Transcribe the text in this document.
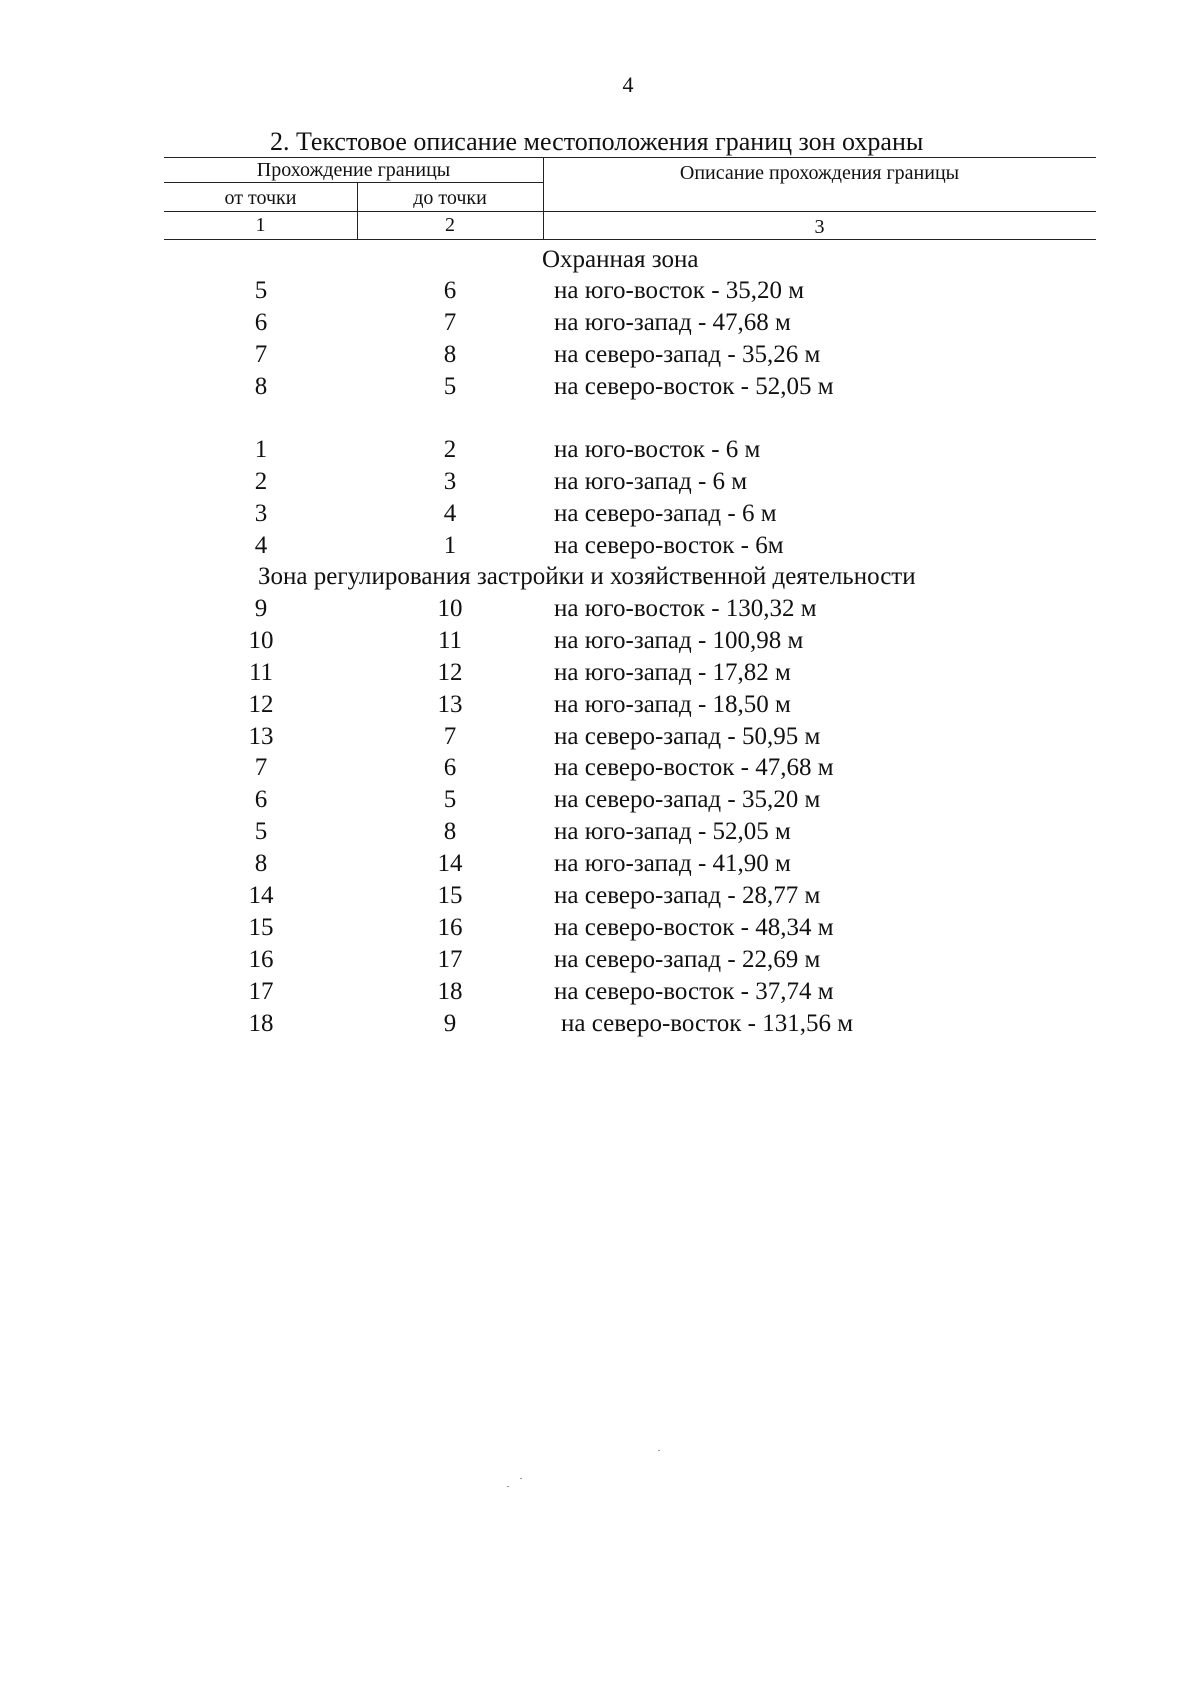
4
2. Текстовое описание местоположения границ зон охраны
Прохождение границы
от точки	до точки
Описание прохождения границы
1	2	3
Охранная зона
5	6	на юго-восток - 35,20 м
6	7	на юго-запад - 47,68 м
7	8	на северо-запад - 35,26 м
8	5	на северо-восток - 52,05 м
1	2	на юго-восток - 6 м
2	3	на юго-запад - 6 м
3	4	на северо-запад - 6 м
4	1	на северо-восток - 6м
Зона регулирования застройки и хозяйственной деятельности
9	10	на юго-восток - 130,32 м
10	11	на юго-запад - 100,98 м
11	12	на юго-запад - 17,82 м
12	13	на юго-запад - 18,50 м
13	7	на северо-запад - 50,95 м
7	6	на северо-восток - 47,68 м
6	5	на северо-запад - 35,20 м
5	8	на юго-запад - 52,05 м
8	14	на юго-запад - 41,90 м
14	15	на северо-запад - 28,77 м
15	16	на северо-восток - 48,34 м
16	17	на северо-запад - 22,69 м
17	18	на северо-восток - 37,74 м
18	9	на северо-восток - 131,56 м
